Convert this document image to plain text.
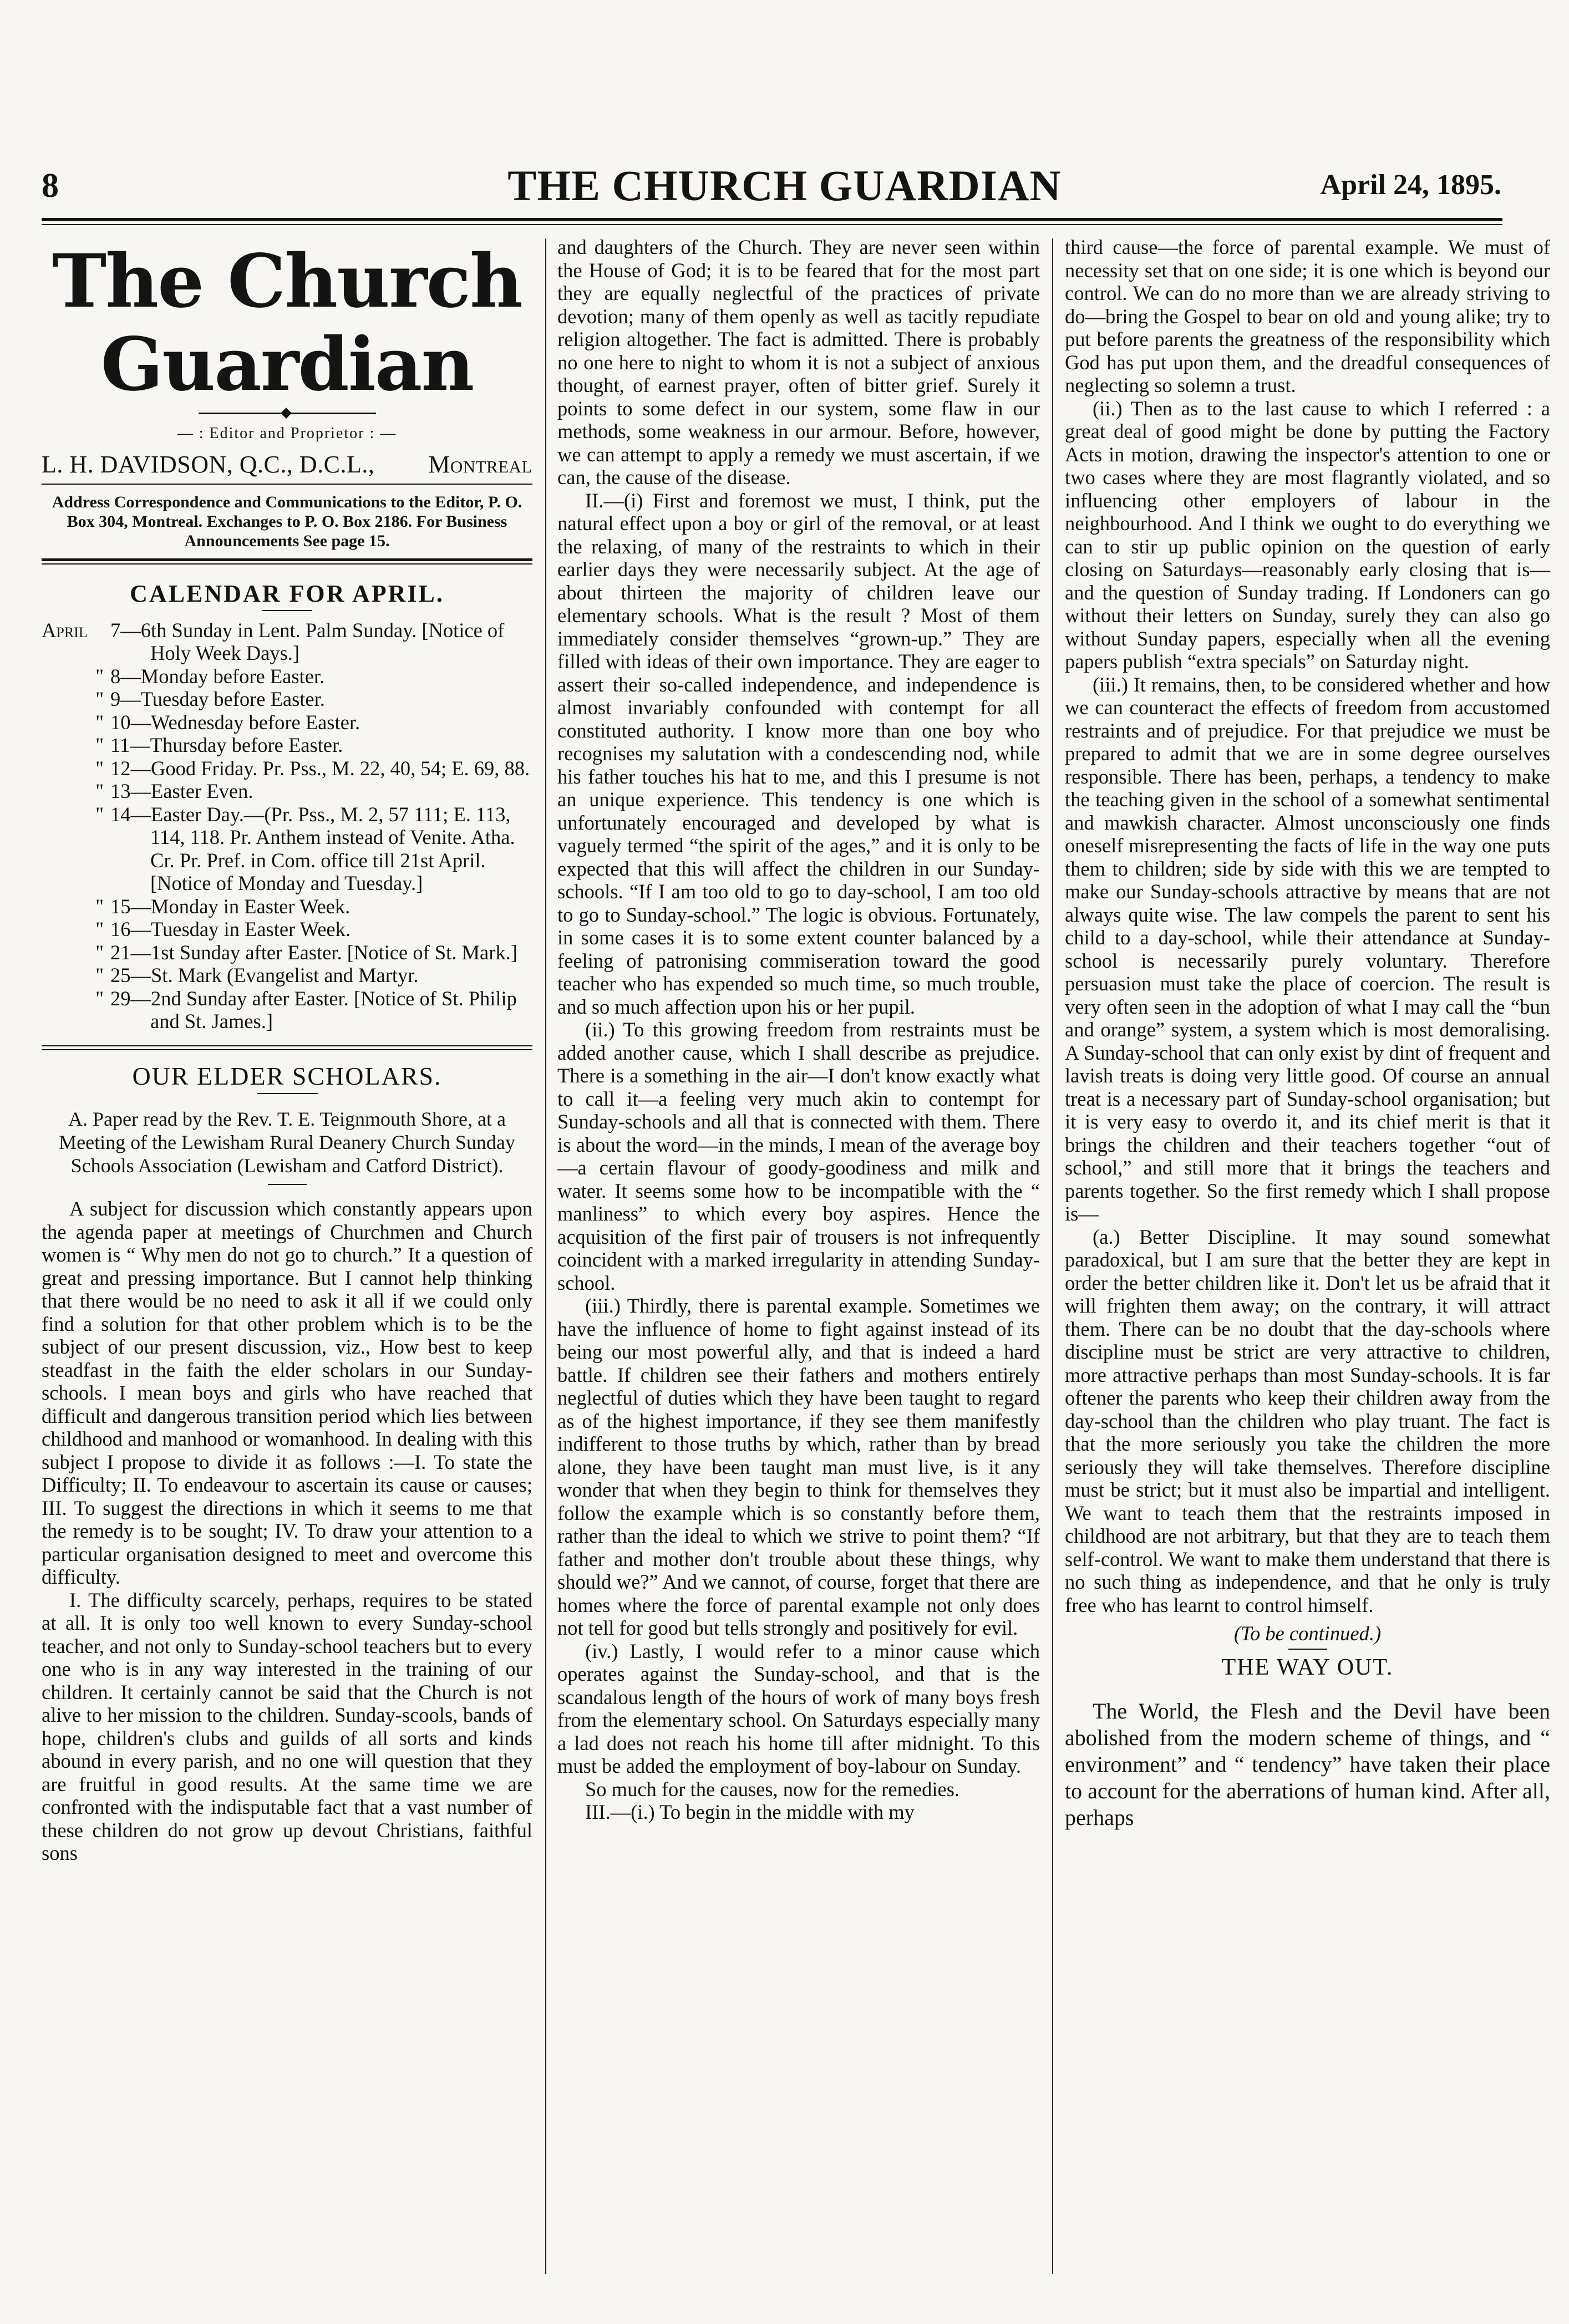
8	THE CHURCH GUARDIAN	April 24, 1895.
The Church Guardian
— : Editor and Proprietor : —
L. H. DAVIDSON, Q.C., D.C.L., Montreal
Address Correspondence and Communications to the Editor, P. O. Box 304, Montreal. Exchanges to P. O. Box 2186. For Business Announcements See page 15.
CALENDAR FOR APRIL.
April	7—6th Sunday in Lent. Palm Sunday. [Notice of Holy Week Days.]
" 8—Monday before Easter.
" 9—Tuesday before Easter.
" 10—Wednesday before Easter.
" 11—Thursday before Easter.
" 12—Good Friday. Pr. Pss., M. 22, 40, 54; E. 69, 88.
" 13—Easter Even.
" 14—Easter Day.—(Pr. Pss., M. 2, 57 111; E. 113, 114, 118. Pr. Anthem instead of Venite. Atha. Cr. Pr. Pref. in Com. office till 21st April. [Notice of Monday and Tuesday.]
" 15—Monday in Easter Week.
" 16—Tuesday in Easter Week.
" 21—1st Sunday after Easter. [Notice of St. Mark.]
" 25—St. Mark (Evangelist and Martyr.
" 29—2nd Sunday after Easter. [Notice of St. Philip and St. James.]
OUR ELDER SCHOLARS.
A. Paper read by the Rev. T. E. Teignmouth Shore, at a Meeting of the Lewisham Rural Deanery Church Sunday Schools Association (Lewisham and Catford District).

A subject for discussion which constantly appears upon the agenda paper at meetings of Churchmen and Church women is “ Why men do not go to church.” It a question of great and pressing importance. But I cannot help thinking that there would be no need to ask it all if we could only find a solution for that other problem which is to be the subject of our present discussion, viz., How best to keep steadfast in the faith the elder scholars in our Sunday-schools. I mean boys and girls who have reached that difficult and dangerous transition period which lies between childhood and manhood or womanhood. In dealing with this subject I propose to divide it as follows :—I. To state the Difficulty; II. To endeavour to ascertain its cause or causes; III. To suggest the directions in which it seems to me that the remedy is to be sought; IV. To draw your attention to a particular organisation designed to meet and overcome this difficulty.

I. The difficulty scarcely, perhaps, requires to be stated at all. It is only too well known to every Sunday-school teacher, and not only to Sunday-school teachers but to every one who is in any way interested in the training of our children. It certainly cannot be said that the Church is not alive to her mission to the children. Sunday-scools, bands of hope, children's clubs and guilds of all sorts and kinds abound in every parish, and no one will question that they are fruitful in good results. At the same time we are confronted with the indisputable fact that a vast number of these children do not grow up devout Christians, faithful sons

and daughters of the Church. They are never seen within the House of God; it is to be feared that for the most part they are equally neglectful of the practices of private devotion; many of them openly as well as tacitly repudiate religion altogether. The fact is admitted. There is probably no one here to night to whom it is not a subject of anxious thought, of earnest prayer, often of bitter grief. Surely it points to some defect in our system, some flaw in our methods, some weakness in our armour. Before, however, we can attempt to apply a remedy we must ascertain, if we can, the cause of the disease.

II.—(i) First and foremost we must, I think, put the natural effect upon a boy or girl of the removal, or at least the relaxing, of many of the restraints to which in their earlier days they were necessarily subject. At the age of about thirteen the majority of children leave our elementary schools. What is the result ? Most of them immediately consider themselves “grown-up.” They are filled with ideas of their own importance. They are eager to assert their so-called independence, and independence is almost invariably confounded with contempt for all constituted authority. I know more than one boy who recognises my salutation with a condescending nod, while his father touches his hat to me, and this I presume is not an unique experience. This tendency is one which is unfortunately encouraged and developed by what is vaguely termed “the spirit of the ages,” and it is only to be expected that this will affect the children in our Sunday-schools. “If I am too old to go to day-school, I am too old to go to Sunday-school.” The logic is obvious. Fortunately, in some cases it is to some extent counter balanced by a feeling of patronising commiseration toward the good teacher who has expended so much time, so much trouble, and so much affection upon his or her pupil.

(ii.) To this growing freedom from restraints must be added another cause, which I shall describe as prejudice. There is a something in the air—I don't know exactly what to call it—a feeling very much akin to contempt for Sunday-schools and all that is connected with them. There is about the word—in the minds, I mean of the average boy—a certain flavour of goody-goodiness and milk and water. It seems some how to be incompatible with the “ manliness” to which every boy aspires. Hence the acquisition of the first pair of trousers is not infrequently coincident with a marked irregularity in attending Sunday-school.

(iii.) Thirdly, there is parental example. Sometimes we have the influence of home to fight against instead of its being our most powerful ally, and that is indeed a hard battle. If children see their fathers and mothers entirely neglectful of duties which they have been taught to regard as of the highest importance, if they see them manifestly indifferent to those truths by which, rather than by bread alone, they have been taught man must live, is it any wonder that when they begin to think for themselves they follow the example which is so constantly before them, rather than the ideal to which we strive to point them? “If father and mother don't trouble about these things, why should we?” And we cannot, of course, forget that there are homes where the force of parental example not only does not tell for good but tells strongly and positively for evil.

(iv.) Lastly, I would refer to a minor cause which operates against the Sunday-school, and that is the scandalous length of the hours of work of many boys fresh from the elementary school. On Saturdays especially many a lad does not reach his home till after midnight. To this must be added the employment of boy-labour on Sunday.

So much for the causes, now for the remedies.

III.—(i.) To begin in the middle with my

third cause—the force of parental example. We must of necessity set that on one side; it is one which is beyond our control. We can do no more than we are already striving to do—bring the Gospel to bear on old and young alike; try to put before parents the greatness of the responsibility which God has put upon them, and the dreadful consequences of neglecting so solemn a trust.

(ii.) Then as to the last cause to which I referred : a great deal of good might be done by putting the Factory Acts in motion, drawing the inspector's attention to one or two cases where they are most flagrantly violated, and so influencing other employers of labour in the neighbourhood. And I think we ought to do everything we can to stir up public opinion on the question of early closing on Saturdays—reasonably early closing that is—and the question of Sunday trading. If Londoners can go without their letters on Sunday, surely they can also go without Sunday papers, especially when all the evening papers publish “extra specials” on Saturday night.

(iii.) It remains, then, to be considered whether and how we can counteract the effects of freedom from accustomed restraints and of prejudice. For that prejudice we must be prepared to admit that we are in some degree ourselves responsible. There has been, perhaps, a tendency to make the teaching given in the school of a somewhat sentimental and mawkish character. Almost unconsciously one finds oneself misrepresenting the facts of life in the way one puts them to children; side by side with this we are tempted to make our Sunday-schools attractive by means that are not always quite wise. The law compels the parent to sent his child to a day-school, while their attendance at Sunday-school is necessarily purely voluntary. Therefore persuasion must take the place of coercion. The result is very often seen in the adoption of what I may call the “bun and orange” system, a system which is most demoralising. A Sunday-school that can only exist by dint of frequent and lavish treats is doing very little good. Of course an annual treat is a necessary part of Sunday-school organisation; but it is very easy to overdo it, and its chief merit is that it brings the children and their teachers together “out of school,” and still more that it brings the teachers and parents together. So the first remedy which I shall propose is—

(a.) Better Discipline. It may sound somewhat paradoxical, but I am sure that the better they are kept in order the better children like it. Don't let us be afraid that it will frighten them away; on the contrary, it will attract them. There can be no doubt that the day-schools where discipline must be strict are very attractive to children, more attractive perhaps than most Sunday-schools. It is far oftener the parents who keep their children away from the day-school than the children who play truant. The fact is that the more seriously you take the children the more seriously they will take themselves. Therefore discipline must be strict; but it must also be impartial and intelligent. We want to teach them that the restraints imposed in childhood are not arbitrary, but that they are to teach them self-control. We want to make them understand that there is no such thing as independence, and that he only is truly free who has learnt to control himself.

(To be continued.)
THE WAY OUT.

The World, the Flesh and the Devil have been abolished from the modern scheme of things, and “ environment” and “ tendency” have taken their place to account for the aberrations of human kind. After all, perhaps
